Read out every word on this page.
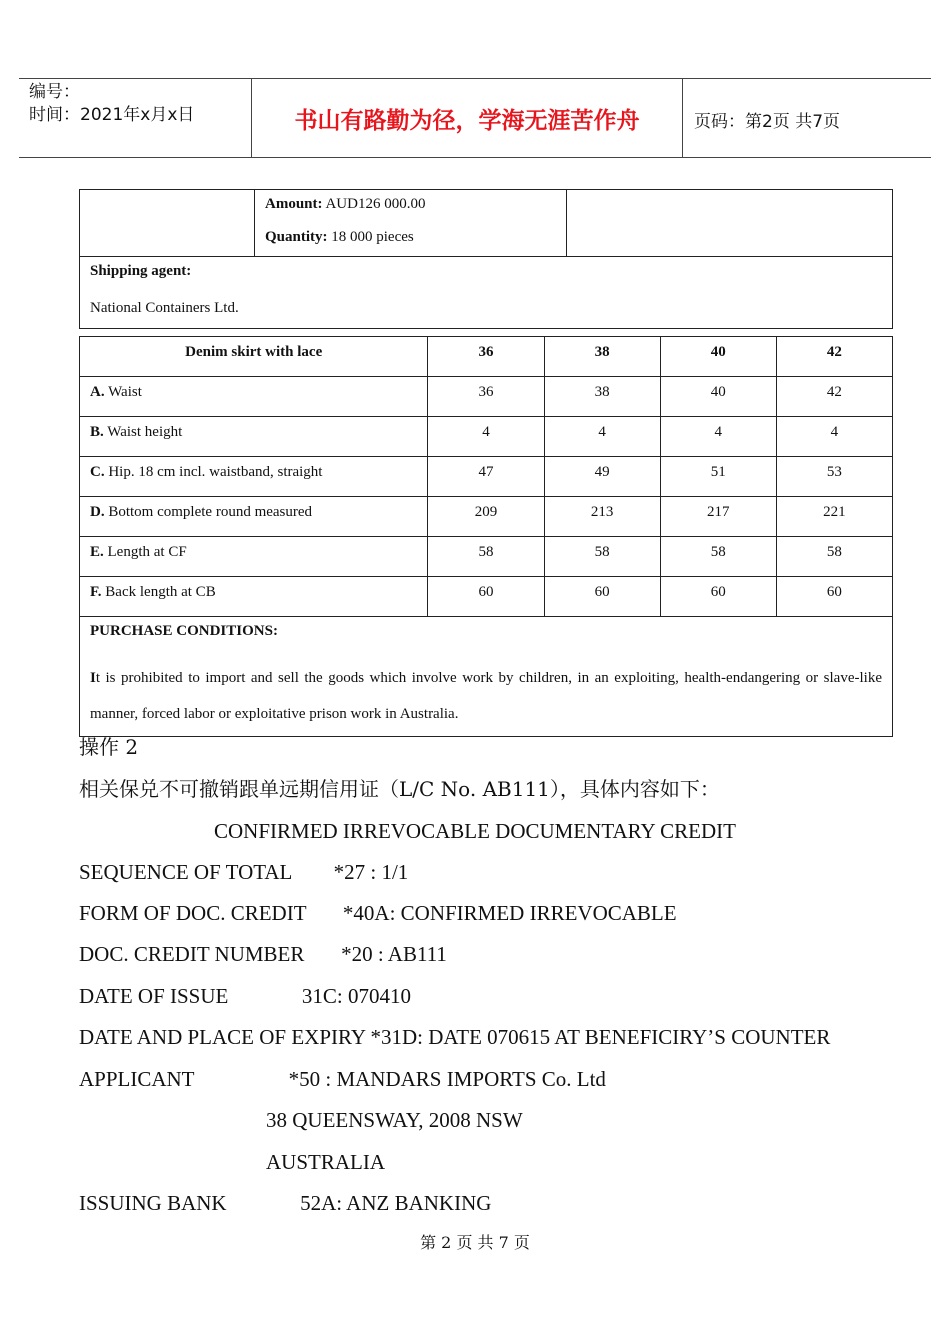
编号：
时间：2021年x月x日	书山有路勤为径，学海无涯苦作舟	页码：第2页 共7页

Amount: AUD126 000.00
Quantity: 18 000 pieces

Shipping agent:
National Containers Ltd.
Denim skirt with lace	36	38	40	42
A. Waist	36	38	40	42
B. Waist height	4	4	4	4
C. Hip. 18 cm incl. waistband, straight	47	49	51	53
D. Bottom complete round measured	209	213	217	221
E. Length at CF	58	58	58	58
F. Back length at CB	60	60	60	60

PURCHASE CONDITIONS:
It is prohibited to import and sell the goods which involve work by children, in an exploiting, health-endangering or slave-like manner, forced labor or exploitative prison work in Australia.				
操作 2
相关保兑不可撤销跟单远期信用证（L/C No. AB111），具体内容如下：
CONFIRMED IRREVOCABLE DOCUMENTARY CREDIT
SEQUENCE OF TOTAL        *27 : 1/1
FORM OF DOC. CREDIT       *40A: CONFIRMED IRREVOCABLE
DOC. CREDIT NUMBER       *20 : AB111
DATE OF ISSUE              31C: 070410
DATE AND PLACE OF EXPIRY *31D: DATE 070615 AT BENEFICIRY’S COUNTER
APPLICANT                  *50 : MANDARS IMPORTS Co. Ltd
38 QUEENSWAY, 2008 NSW
AUSTRALIA
ISSUING BANK              52A: ANZ BANKING
第 2 页 共 7 页
